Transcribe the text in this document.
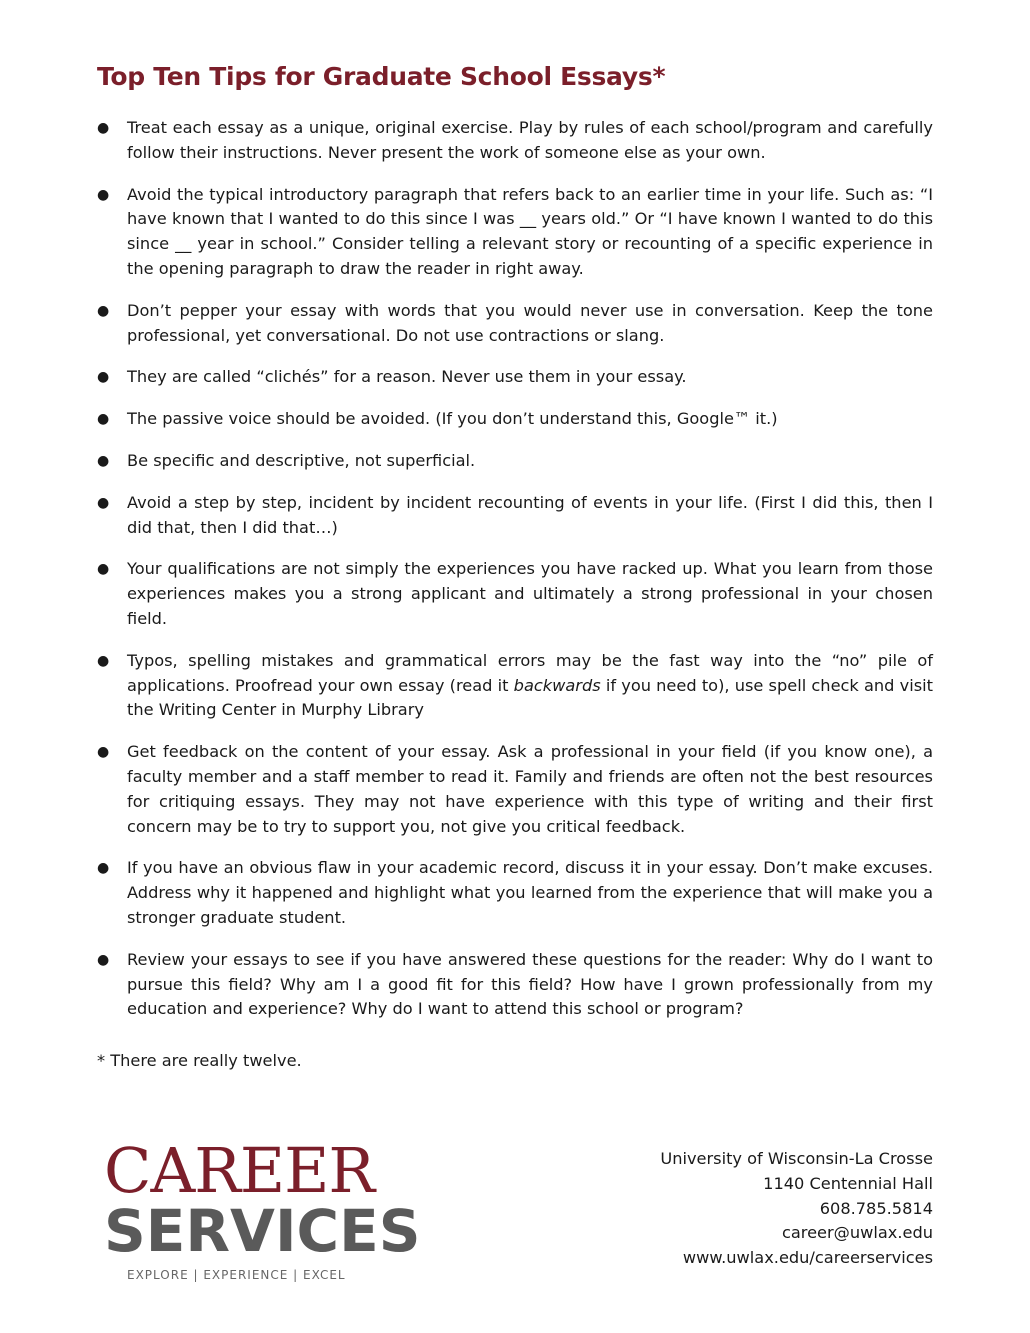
Top Ten Tips for Graduate School Essays*
● Treat each essay as a unique, original exercise. Play by rules of each school/program and carefully follow their instructions. Never present the work of someone else as your own.
● Avoid the typical introductory paragraph that refers back to an earlier time in your life. Such as: “I have known that I wanted to do this since I was __ years old.” Or “I have known I wanted to do this since __ year in school.” Consider telling a relevant story or recounting of a specific experience in the opening paragraph to draw the reader in right away.
● Don’t pepper your essay with words that you would never use in conversation. Keep the tone professional, yet conversational. Do not use contractions or slang.
● They are called “clichés” for a reason. Never use them in your essay.
● The passive voice should be avoided. (If you don’t understand this, Google™ it.)
● Be specific and descriptive, not superficial.
● Avoid a step by step, incident by incident recounting of events in your life. (First I did this, then I did that, then I did that…)
● Your qualifications are not simply the experiences you have racked up. What you learn from those experiences makes you a strong applicant and ultimately a strong professional in your chosen field.
● Typos, spelling mistakes and grammatical errors may be the fast way into the “no” pile of applications. Proofread your own essay (read it backwards if you need to), use spell check and visit the Writing Center in Murphy Library
● Get feedback on the content of your essay. Ask a professional in your field (if you know one), a faculty member and a staff member to read it. Family and friends are often not the best resources for critiquing essays. They may not have experience with this type of writing and their first concern may be to try to support you, not give you critical feedback.
● If you have an obvious flaw in your academic record, discuss it in your essay. Don’t make excuses. Address why it happened and highlight what you learned from the experience that will make you a stronger graduate student.
● Review your essays to see if you have answered these questions for the reader: Why do I want to pursue this field? Why am I a good fit for this field? How have I grown professionally from my education and experience? Why do I want to attend this school or program?
* There are really twelve.
CAREER
SERVICES
EXPLORE | EXPERIENCE | EXCEL
University of Wisconsin-La Crosse
1140 Centennial Hall
608.785.5814
career@uwlax.edu
www.uwlax.edu/careerservices
